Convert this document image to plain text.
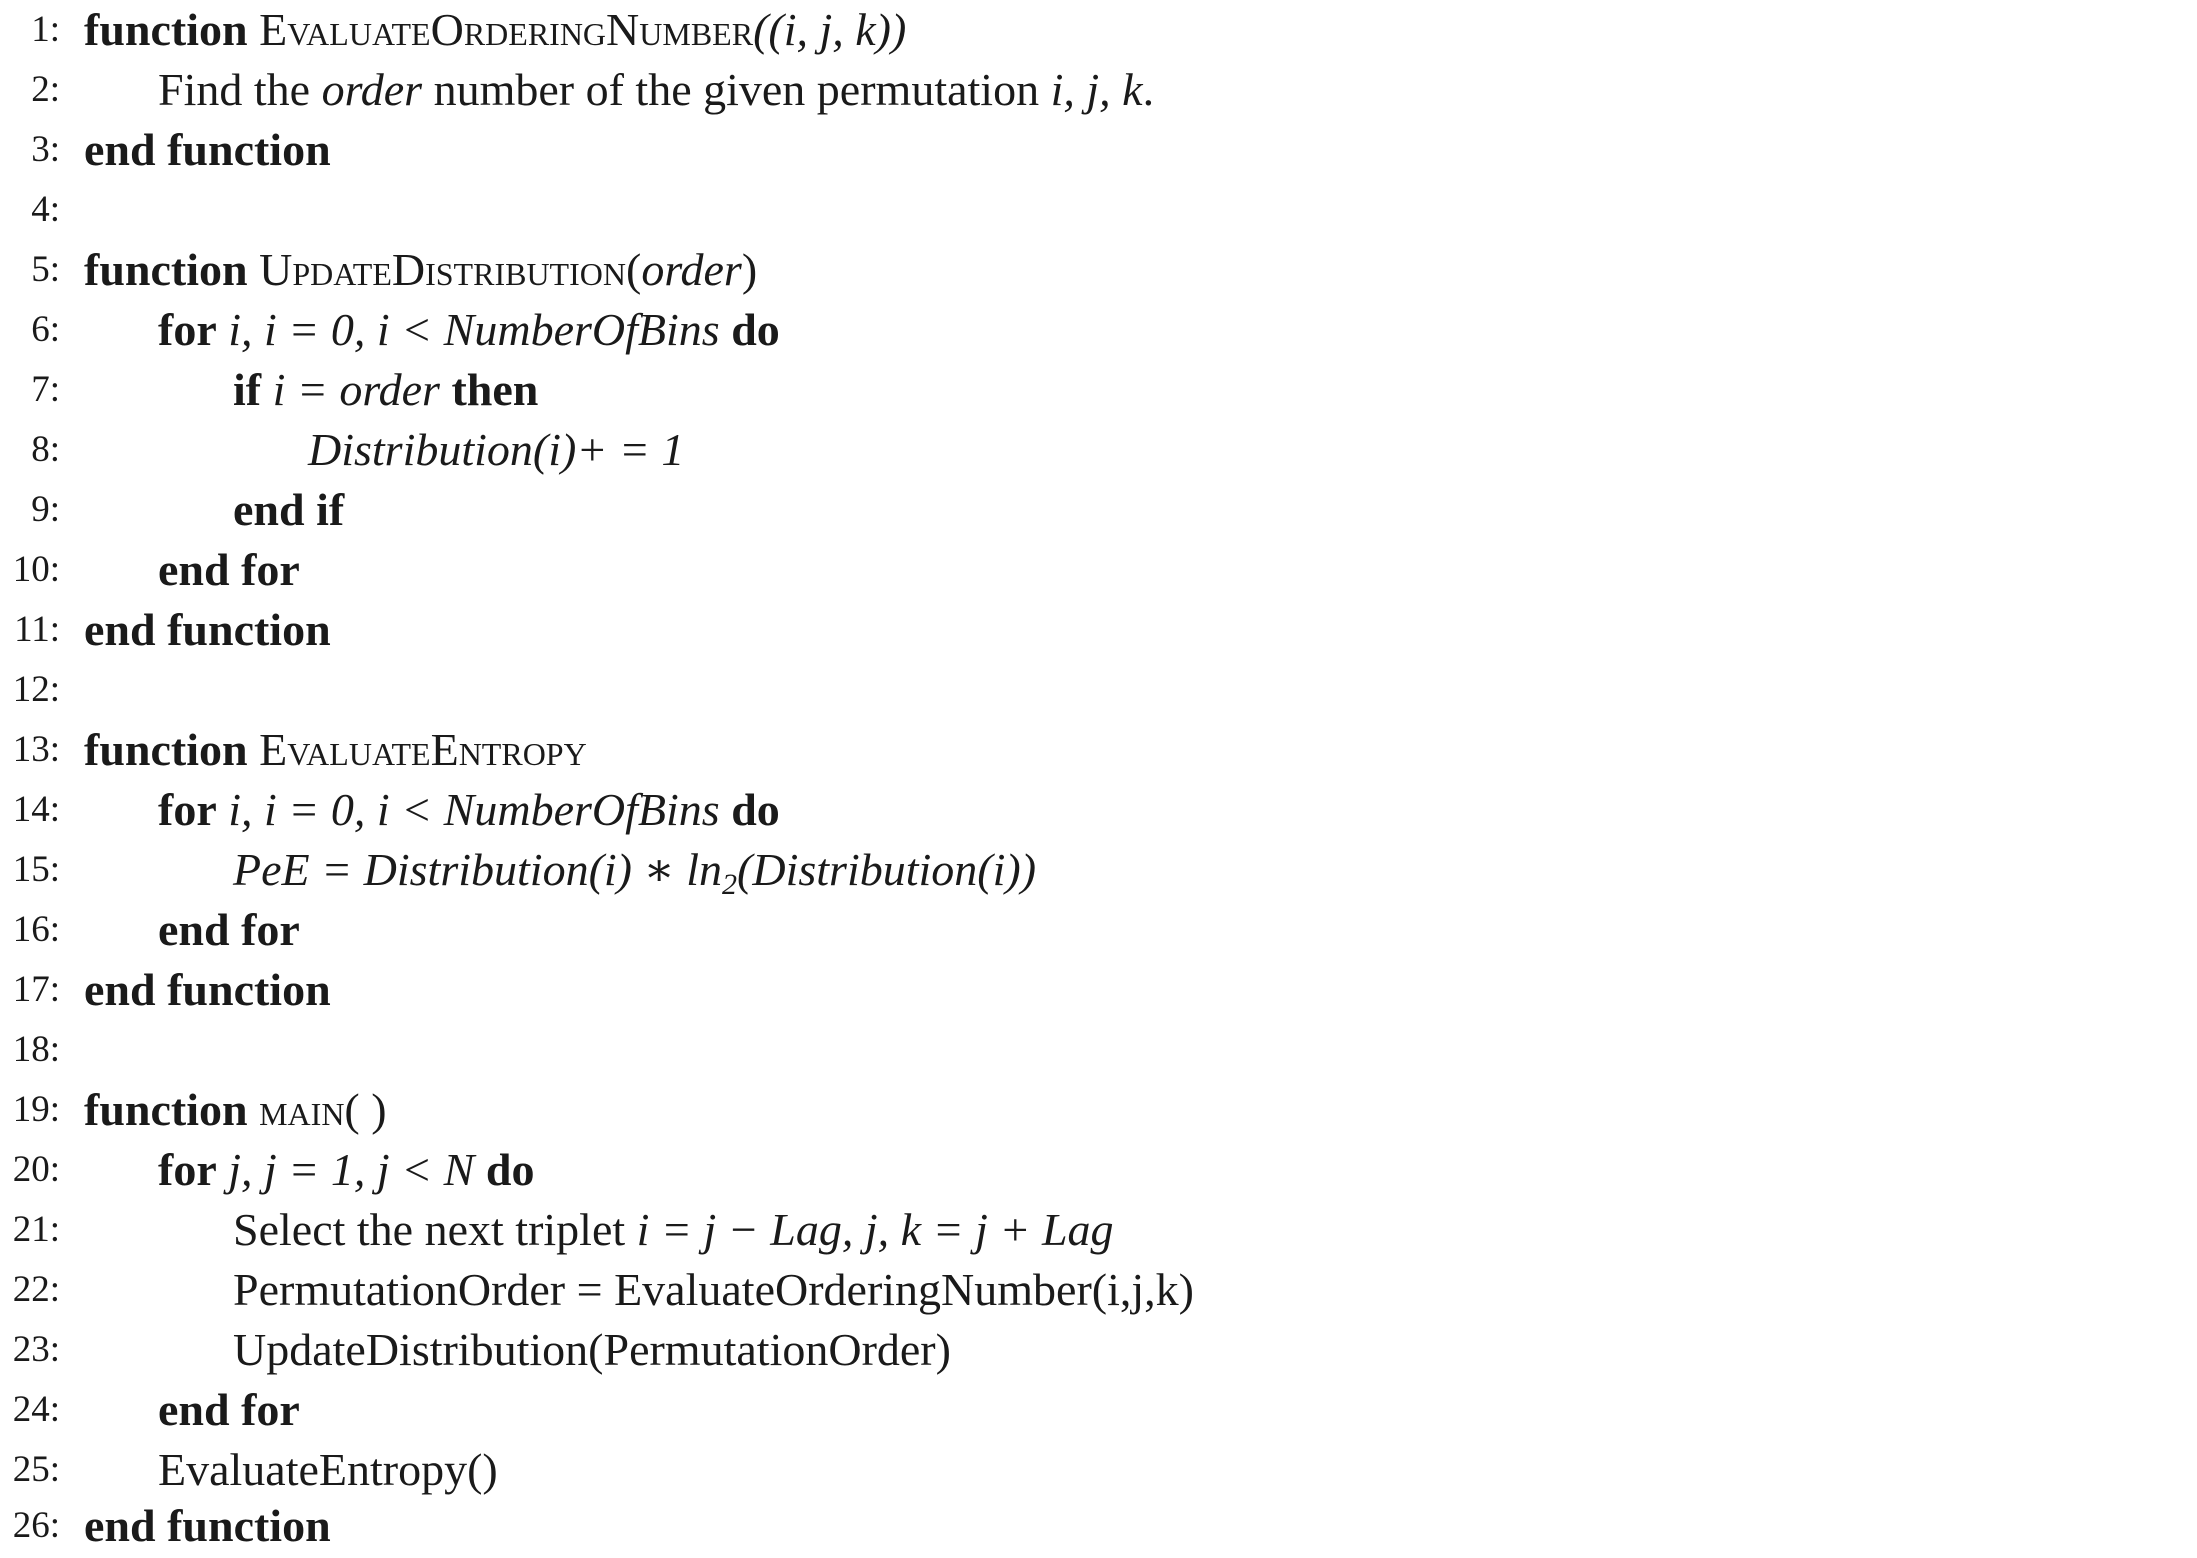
1: function EvaluateOrderingNumber((i, j, k))
2: Find the order number of the given permutation i, j, k.
3: end function
4:
5: function UpdateDistribution(order)
6: for i, i = 0, i < NumberOfBins do
7:	if i = order then
8:	Distribution(i)+ = 1
9:	end if
10: end for
11: end function
12:
13: function EvaluateEntropy
14: for i, i = 0, i < NumberOfBins do
15:	PeE = Distribution(i) ∗ $\ln_2(Distribution(i))$
16: end for
17: end function
18:
19: function main( )
20: for j, j = 1, j < N do
21:	Select the next triplet i = j − Lag, j, k = j + Lag
22:	PermutationOrder = EvaluateOrderingNumber(i,j,k)
23:	UpdateDistribution(PermutationOrder)
24: end for
25: EvaluateEntropy()
26: end function
